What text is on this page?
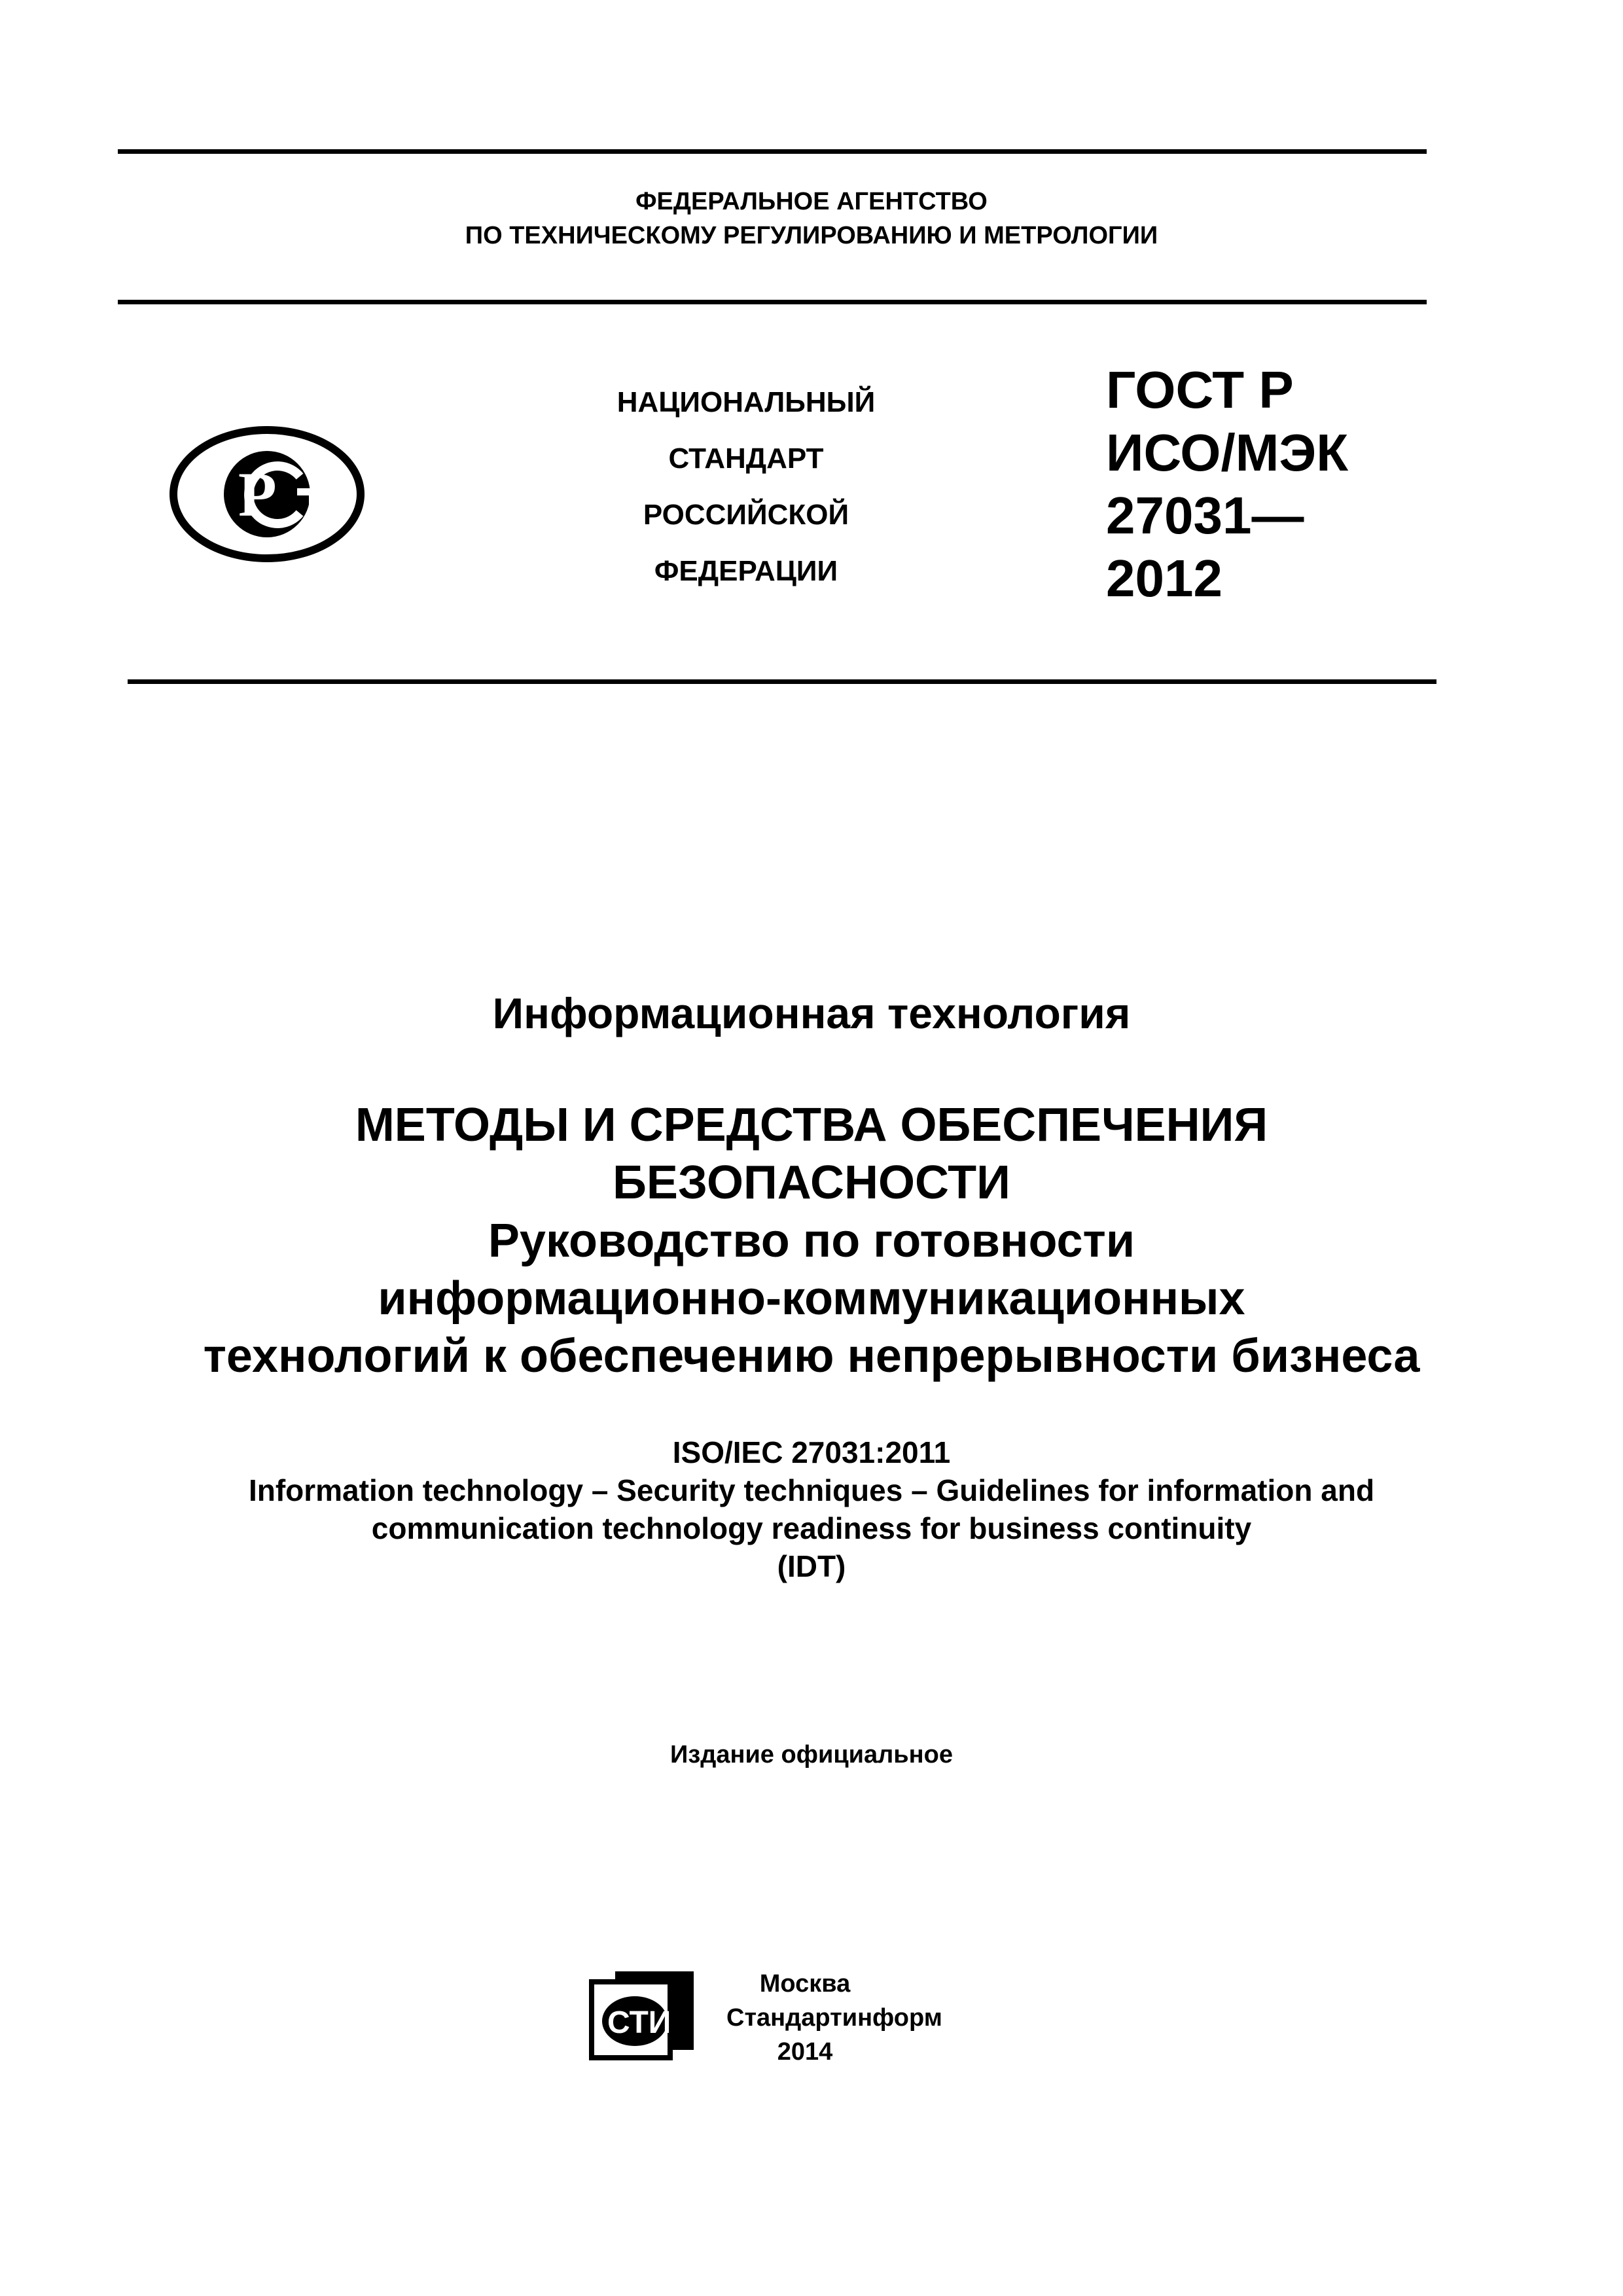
ФЕДЕРАЛЬНОЕ АГЕНТСТВО
ПО ТЕХНИЧЕСКОМУ РЕГУЛИРОВАНИЮ И МЕТРОЛОГИИ
P
НАЦИОНАЛЬНЫЙ
СТАНДАРТ
РОССИЙСКОЙ
ФЕДЕРАЦИИ
ГОСТ Р
ИСО/МЭК
27031—
2012
Информационная технология
МЕТОДЫ И СРЕДСТВА ОБЕСПЕЧЕНИЯ
БЕЗОПАСНОСТИ
Руководство по готовности
информационно-коммуникационных
технологий к обеспечению непрерывности бизнеса
ISO/IEC 27031:2011
Information technology – Security techniques – Guidelines for information and
communication technology readiness for business continuity
(IDT)
Издание официальное
СТИ
Москва
Стандартинформ
2014
